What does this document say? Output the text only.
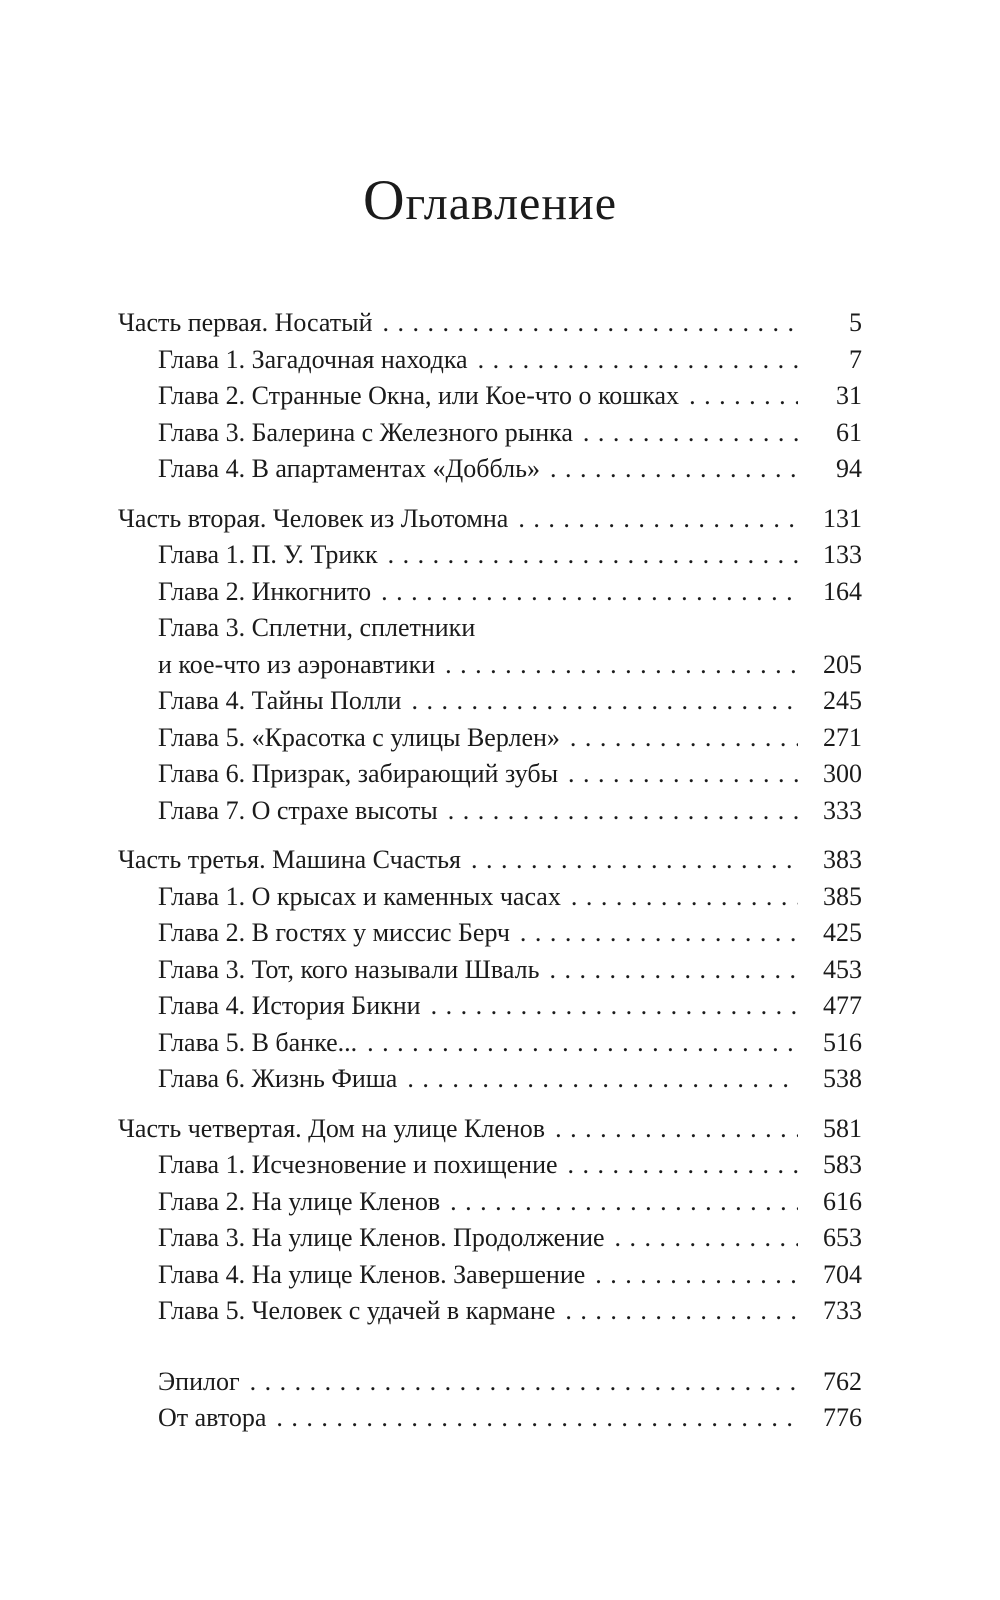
Оглавление
Часть первая. Носатый . . .	5
Глава 1. Загадочная находка . . .	7
Глава 2. Странные Окна, или Кое-что о кошках . . .	31
Глава 3. Балерина с Железного рынка . . .	61
Глава 4. В апартаментах «Доббль» . . .	94
Часть вторая. Человек из Льотомна . . .	131
Глава 1. П. У. Трикк . . .	133
Глава 2. Инкогнито . . .	164
Глава 3. Сплетни, сплетники
и кое-что из аэронавтики . . .	205
Глава 4. Тайны Полли . . .	245
Глава 5. «Красотка с улицы Верлен» . . .	271
Глава 6. Призрак, забирающий зубы . . .	300
Глава 7. О страхе высоты . . .	333
Часть третья. Машина Счастья . . .	383
Глава 1. О крысах и каменных часах . . .	385
Глава 2. В гостях у миссис Берч . . .	425
Глава 3. Тот, кого называли Шваль . . .	453
Глава 4. История Бикни . . .	477
Глава 5. В банке... . . .	516
Глава 6. Жизнь Фиша . . .	538
Часть четвертая. Дом на улице Кленов . . .	581
Глава 1. Исчезновение и похищение . . .	583
Глава 2. На улице Кленов . . .	616
Глава 3. На улице Кленов. Продолжение . . .	653
Глава 4. На улице Кленов. Завершение . . .	704
Глава 5. Человек с удачей в кармане . . .	733
Эпилог . . .	762
От автора . . .	776
